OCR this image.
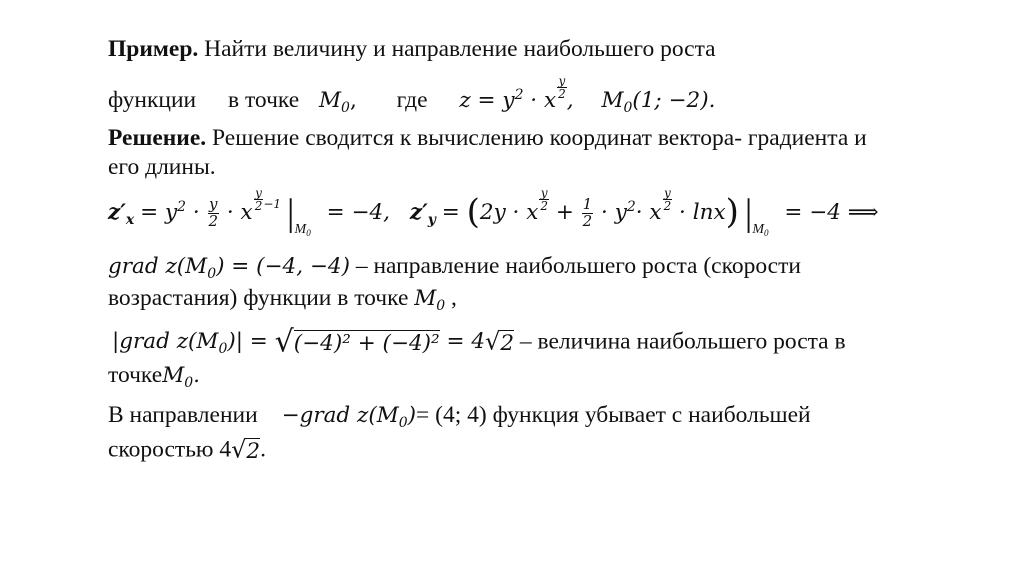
Пример. Найти величину и направление наибольшего роста
функции в точке $M_0$, где $z = y^2 \cdot x$
$\frac{y}{2}$
, $M_0(1$; −2).
Решение. Решение сводится к вычислению координат вектора- градиента и
его длины.
$z'_x = y^2 \cdot \frac{y}{2} \cdot x$
$\frac{y}{2} ^{-1}$ $|M_0 = -4$, $z'_y = (2y \cdot x$
$\frac{y}{2}$
+ $\frac{1}{2} \cdot y^2\cdot x$
$\frac{y}{2}$
· lnx) $|M_0 = -4$ ⟹
grad $z(M_0) = (-4$, −4) – направление наибольшего роста (скорости
возрастания) функции в точке $M_0$ ,
|grad $z(M_0)| = √(-4)^2 + (-4)^2 = 4√2$ – величина наибольшего роста в
точкеM$_0$.
В направлении −grad $z(M_0)= (4$; 4) функция убывает с наибольшей
скоростью 4√2.
